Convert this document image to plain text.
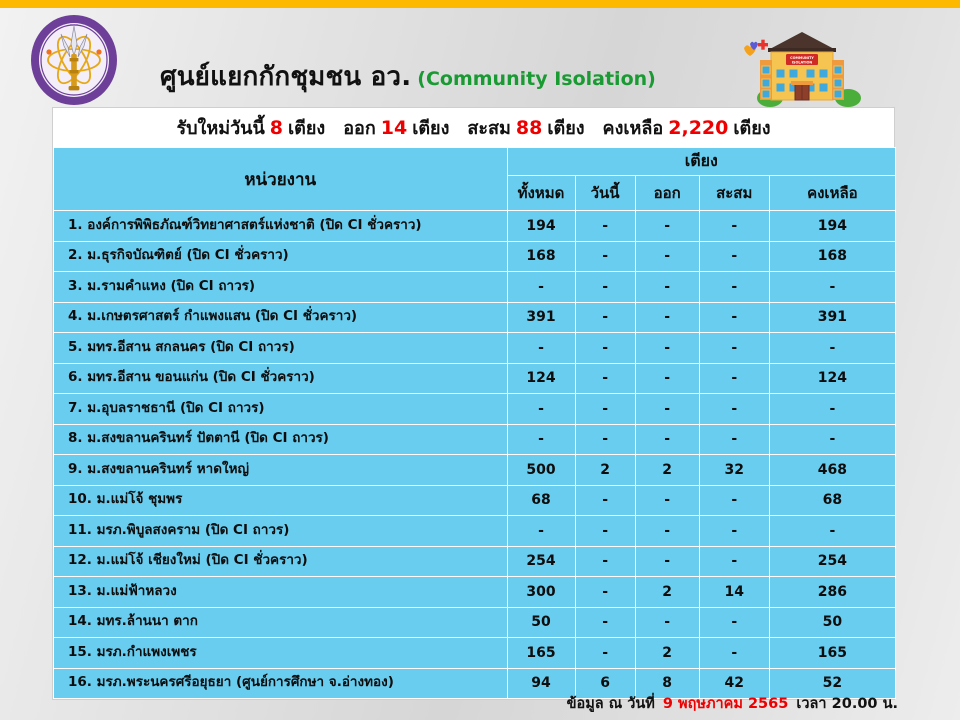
·······
ศูนย์แยกกักชุมชน อว. (Community Isolation)
COMMUNITY
ISOLATION
รับใหม่วันนี้ 8 เตียง ออก 14 เตียง สะสม 88 เตียง คงเหลือ 2,220 เตียง
หน่วยงาน	เตียง				
	ทั้งหมด	วันนี้	ออก	สะสม	คงเหลือ
1. องค์การพิพิธภัณฑ์วิทยาศาสตร์แห่งชาติ (ปิด CI ชั่วคราว)	194	-	-	-	194
2. ม.ธุรกิจบัณฑิตย์ (ปิด CI ชั่วคราว)	168	-	-	-	168
3. ม.รามคำแหง (ปิด CI ถาวร)	-	-	-	-	-
4. ม.เกษตรศาสตร์ กำแพงแสน (ปิด CI ชั่วคราว)	391	-	-	-	391
5. มทร.อีสาน สกลนคร (ปิด CI ถาวร)	-	-	-	-	-
6. มทร.อีสาน ขอนแก่น (ปิด CI ชั่วคราว)	124	-	-	-	124
7. ม.อุบลราชธานี (ปิด CI ถาวร)	-	-	-	-	-
8. ม.สงขลานครินทร์ ปัตตานี (ปิด CI ถาวร)	-	-	-	-	-
9. ม.สงขลานครินทร์ หาดใหญ่	500	2	2	32	468
10. ม.แม่โจ้ ชุมพร	68	-	-	-	68
11. มรภ.พิบูลสงคราม (ปิด CI ถาวร)	-	-	-	-	-
12. ม.แม่โจ้ เชียงใหม่ (ปิด CI ชั่วคราว)	254	-	-	-	254
13. ม.แม่ฟ้าหลวง	300	-	2	14	286
14. มทร.ล้านนา ตาก	50	-	-	-	50
15. มรภ.กำแพงเพชร	165	-	2	-	165
16. มรภ.พระนครศรีอยุธยา (ศูนย์การศึกษา จ.อ่างทอง)	94	6	8	42	52
ข้อมูล ณ วันที่ 9 พฤษภาคม 2565 เวลา 20.00 น.
